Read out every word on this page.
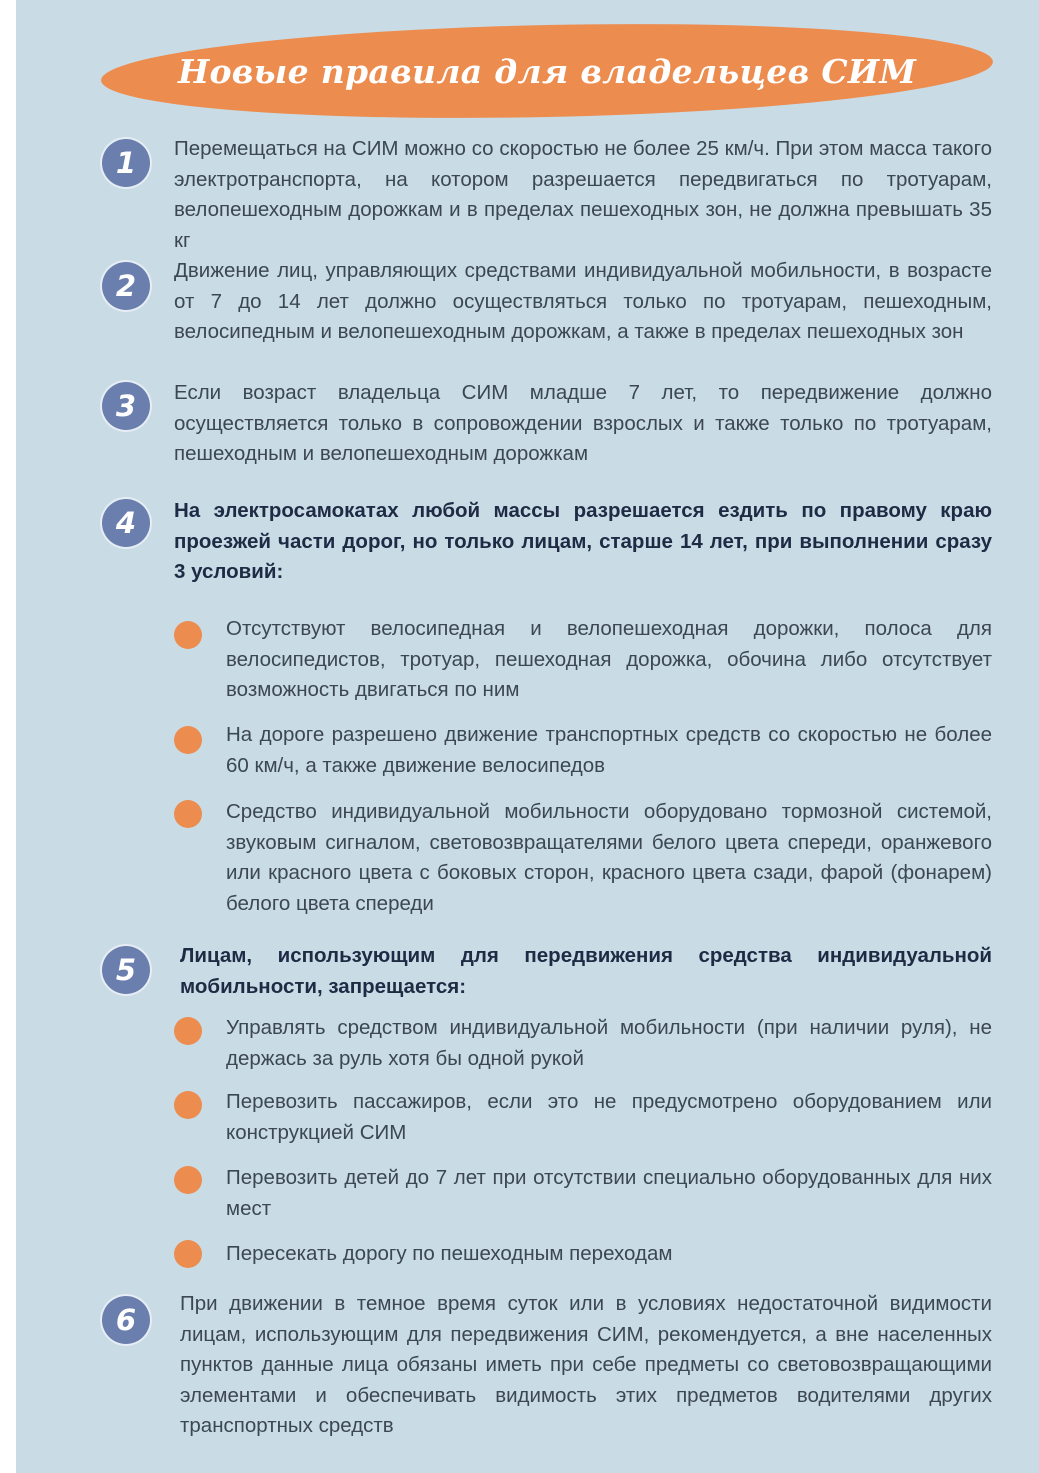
Новые правила для владельцев СИМ
1	Перемещаться на СИМ можно со скоростью не более 25 км/ч. При этом масса такого электротранспорта, на котором разрешается передвигаться по тротуарам, велопешеходным дорожкам и в пределах пешеходных зон, не должна превышать 35 кг
2	Движение лиц, управляющих средствами индивидуальной мобильности, в возрасте от 7 до 14 лет должно осуществляться только по тротуарам, пешеходным, велосипедным и велопешеходным дорожкам, а также в пределах пешеходных зон
3	Если возраст владельца СИМ младше 7 лет, то передвижение должно осуществляется только в сопровождении взрослых и также только по тротуарам, пешеходным и велопешеходным дорожкам
4	На электросамокатах любой массы разрешается ездить по правому краю проезжей части дорог, но только лицам, старше 14 лет, при выполнении сразу 3 условий:
Отсутствуют велосипедная и велопешеходная дорожки, полоса для велосипедистов, тротуар, пешеходная дорожка, обочина либо отсутствует возможность двигаться по ним
На дороге разрешено движение транспортных средств со скоростью не более 60 км/ч, а также движение велосипедов
Средство индивидуальной мобильности оборудовано тормозной системой, звуковым сигналом, световозвращателями белого цвета спереди, оранжевого или красного цвета с боковых сторон, красного цвета сзади, фарой (фонарем) белого цвета спереди
5	Лицам, использующим для передвижения средства индивидуальной мобильности, запрещается:
Управлять средством индивидуальной мобильности (при наличии руля), не держась за руль хотя бы одной рукой
Перевозить пассажиров, если это не предусмотрено оборудованием или конструкцией СИМ
Перевозить детей до 7 лет при отсутствии специально оборудованных для них мест
Пересекать дорогу по пешеходным переходам
6	При движении в темное время суток или в условиях недостаточной видимости лицам, использующим для передвижения СИМ, рекомендуется, а вне населенных пунктов данные лица обязаны иметь при себе предметы со световозвращающими элементами и обеспечивать видимость этих предметов водителями других транспортных средств
